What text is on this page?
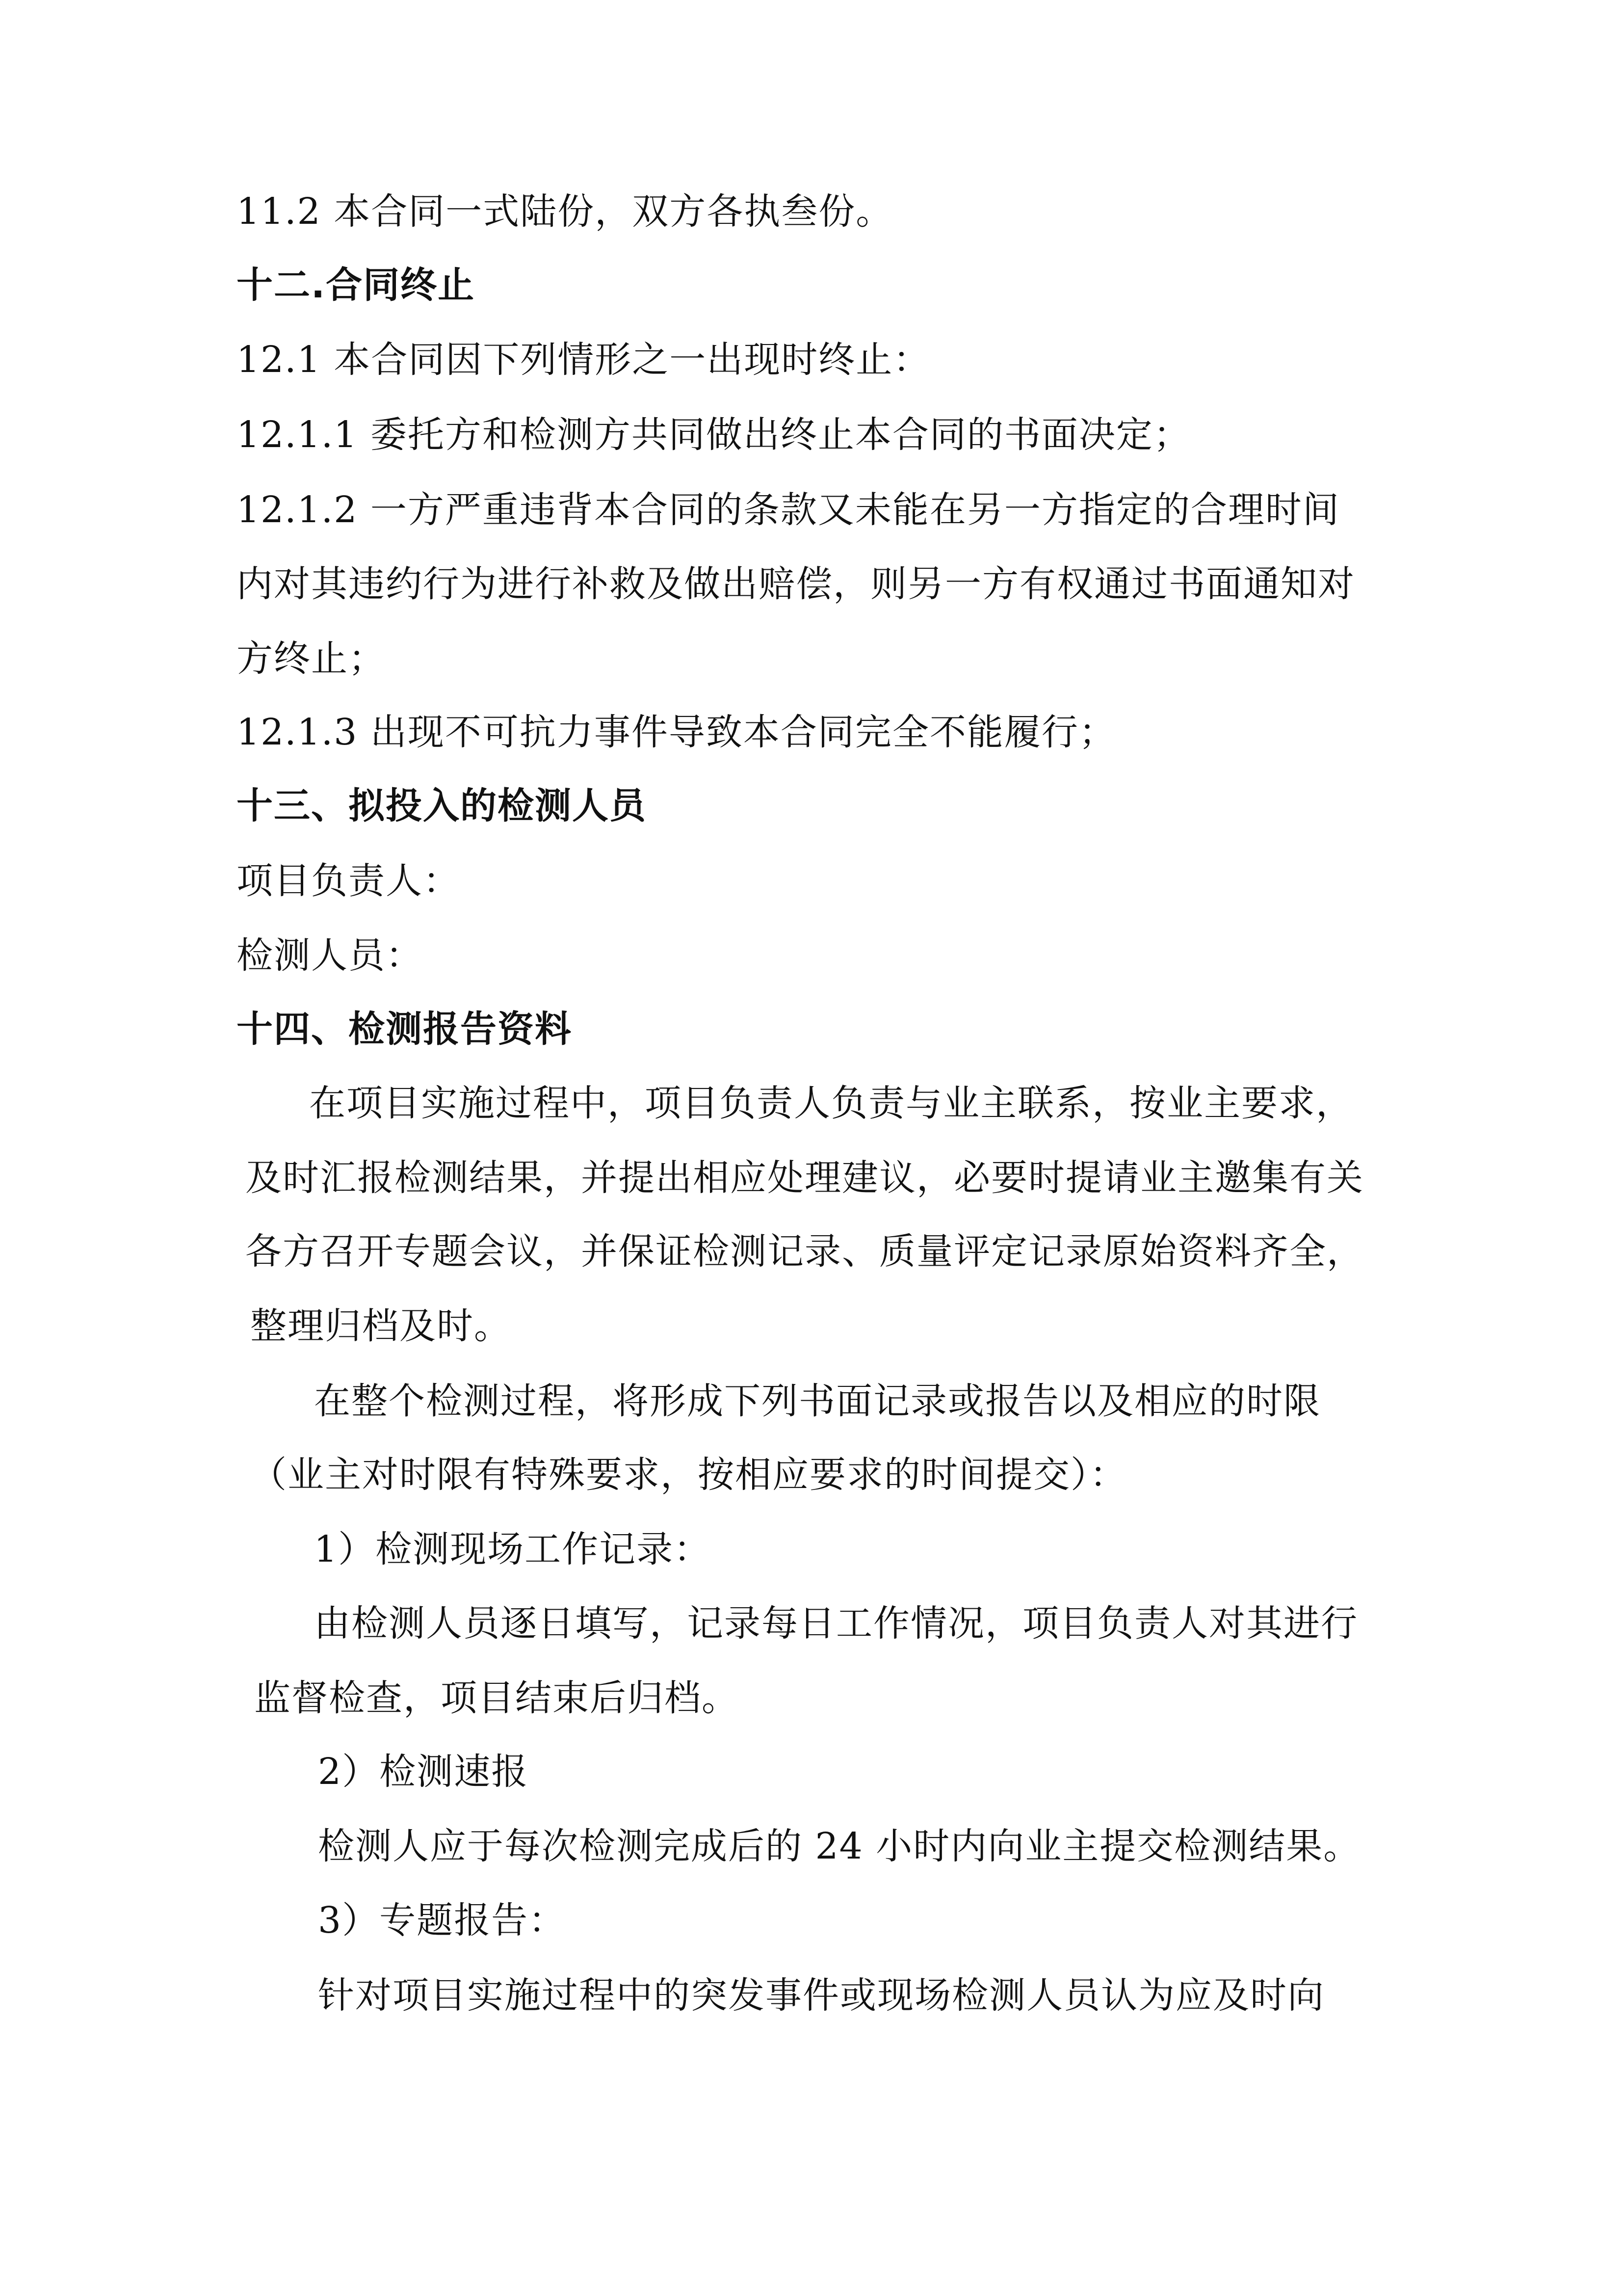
11.2 本合同一式陆份，双方各执叁份。
十二.合同终止
12.1 本合同因下列情形之一出现时终止：
12.1.1 委托方和检测方共同做出终止本合同的书面决定；
12.1.2 一方严重违背本合同的条款又未能在另一方指定的合理时间
内对其违约行为进行补救及做出赔偿，则另一方有权通过书面通知对
方终止；
12.1.3 出现不可抗力事件导致本合同完全不能履行；
十三、拟投入的检测人员
项目负责人：
检测人员：
十四、检测报告资料
在项目实施过程中，项目负责人负责与业主联系，按业主要求，
及时汇报检测结果，并提出相应处理建议，必要时提请业主邀集有关
各方召开专题会议，并保证检测记录、质量评定记录原始资料齐全，
整理归档及时。
在整个检测过程，将形成下列书面记录或报告以及相应的时限
（业主对时限有特殊要求，按相应要求的时间提交）：
1）检测现场工作记录：
由检测人员逐日填写，记录每日工作情况，项目负责人对其进行
监督检查，项目结束后归档。
2）检测速报
检测人应于每次检测完成后的 24 小时内向业主提交检测结果。
3）专题报告：
针对项目实施过程中的突发事件或现场检测人员认为应及时向
